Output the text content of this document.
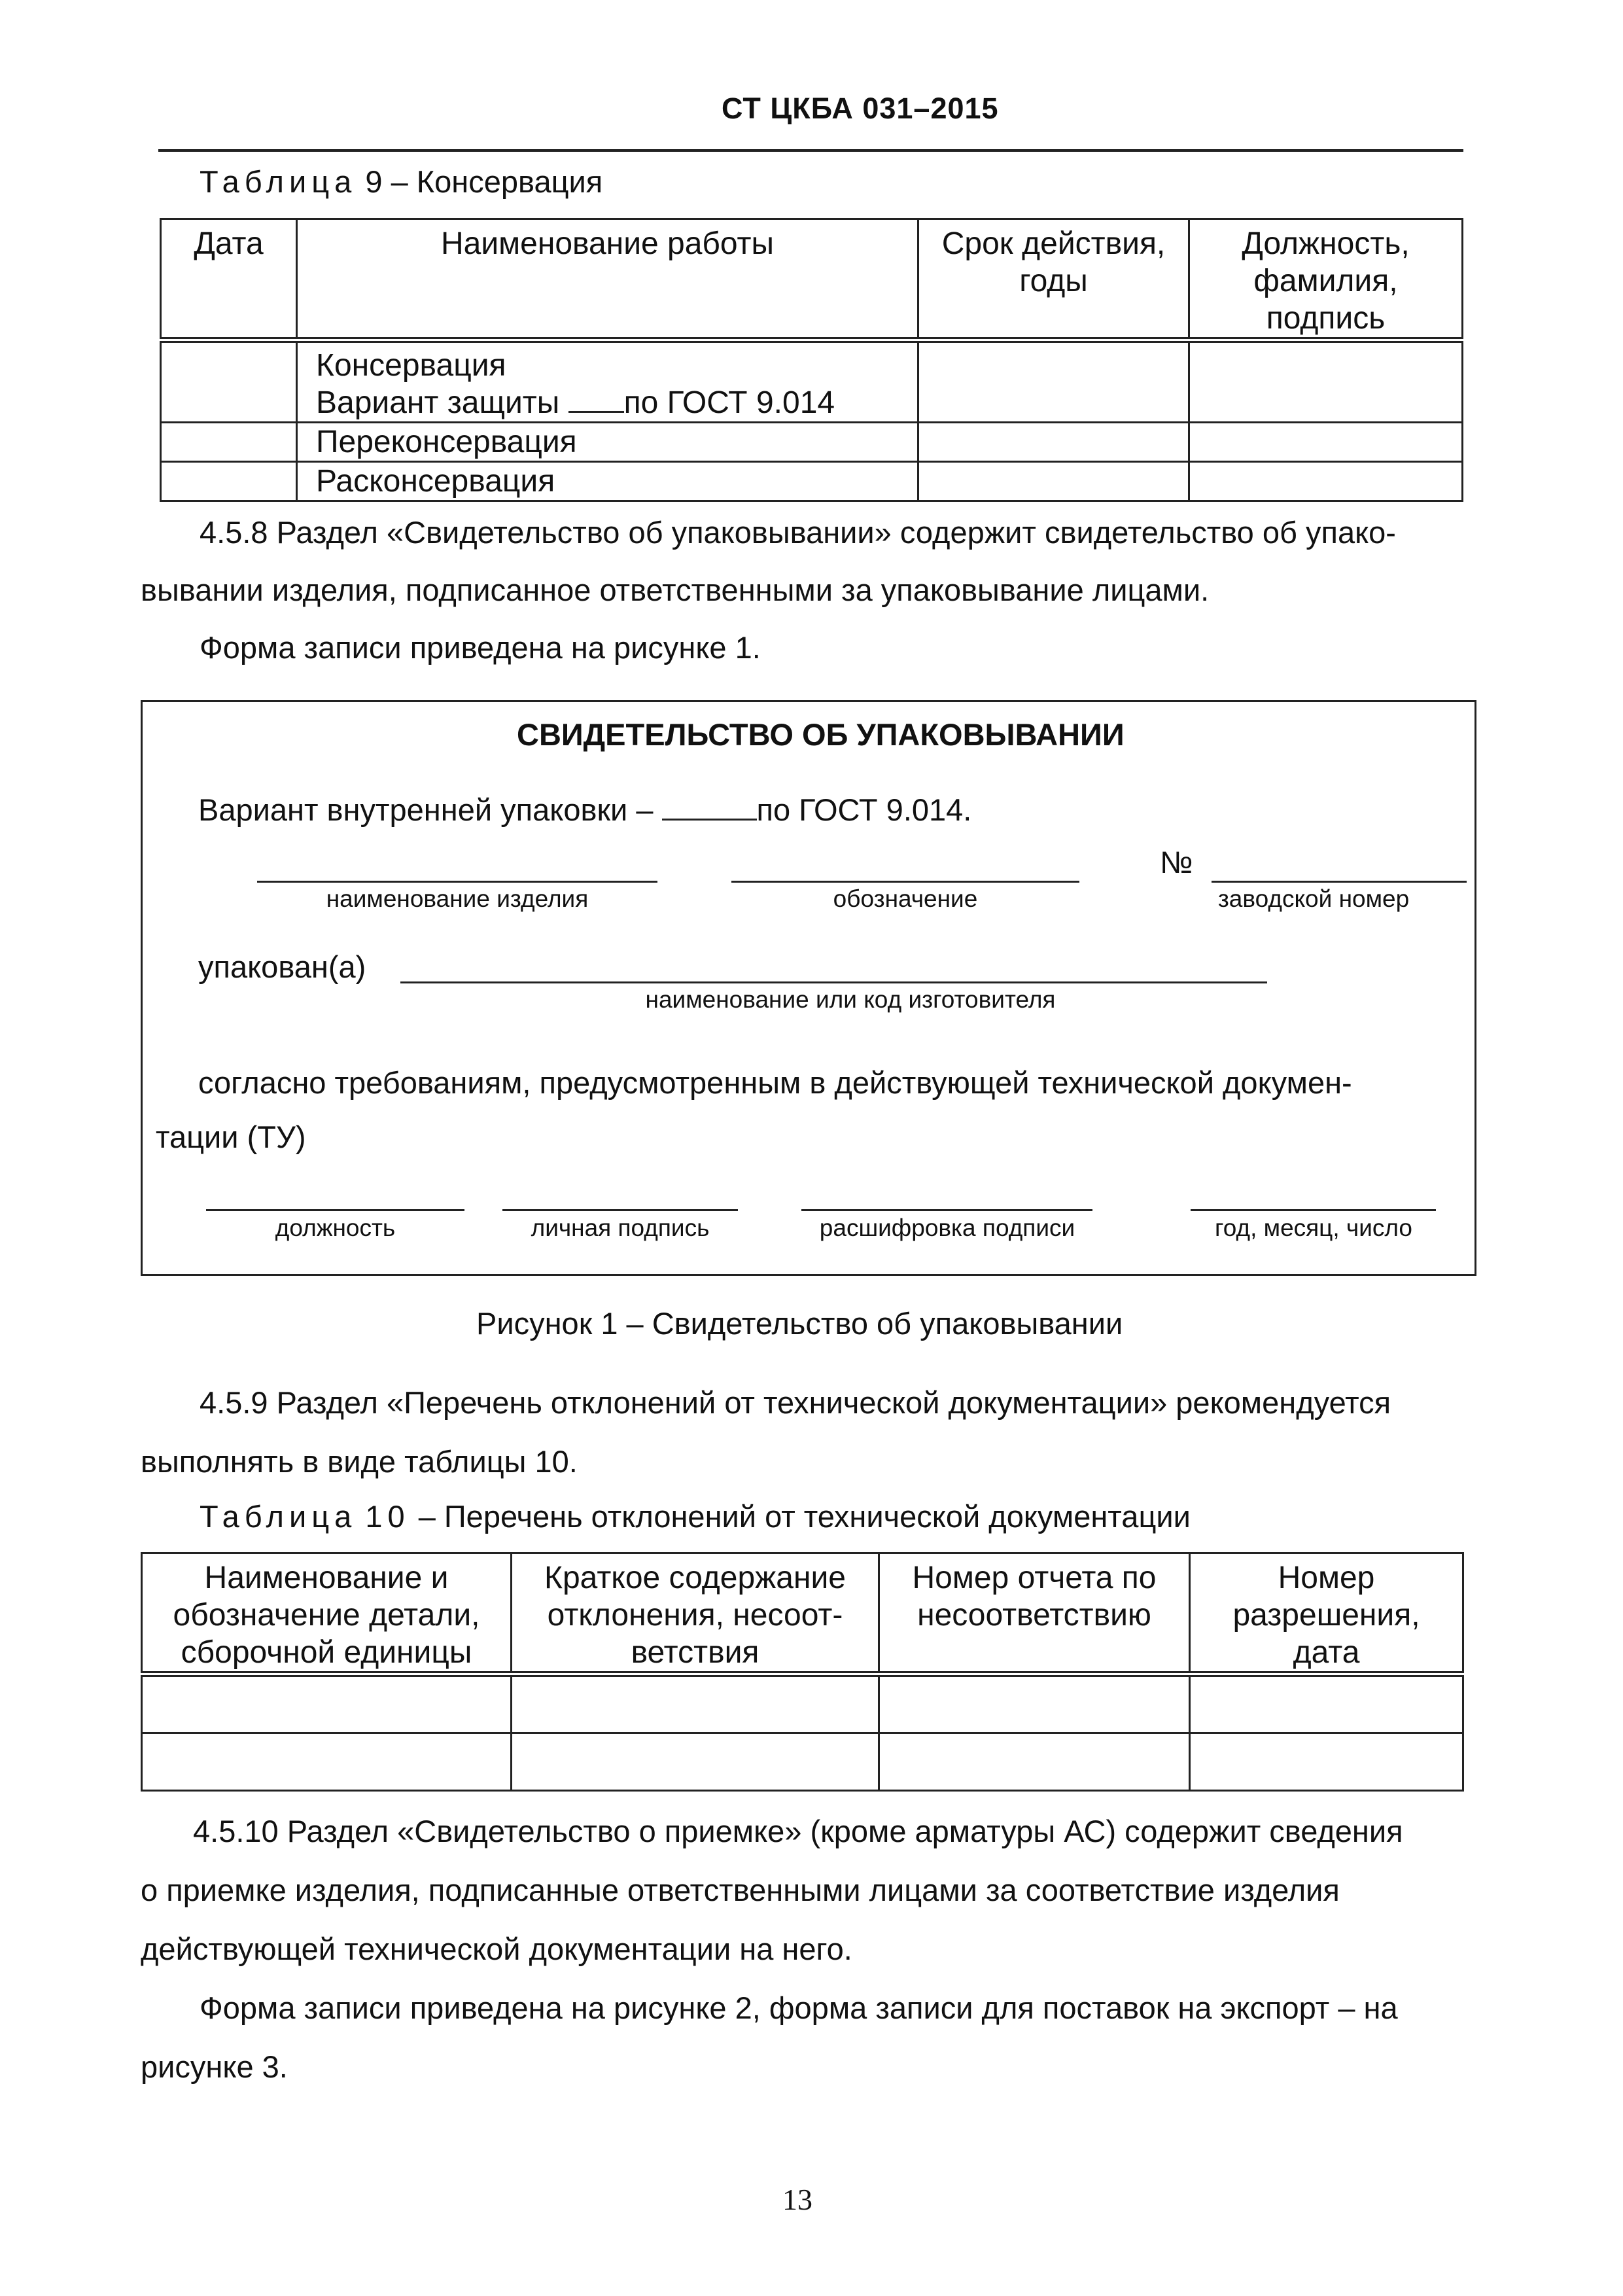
СТ ЦКБА 031–2015
Таблица 9 – Консервация
Дата	Наименование работы	Срок действия, годы	Должность, фамилия, подпись

	Консервация
Вариант защиты по ГОСТ 9.014		

	Переконсервация		
	Расконсервация		
4.5.8 Раздел «Свидетельство об упаковывании» содержит свидетельство об упако-
вывании изделия, подписанное ответственными за упаковывание лицами.
Форма записи приведена на рисунке 1.
СВИДЕТЕЛЬСТВО ОБ УПАКОВЫВАНИИ
Вариант внутренней упаковки –	по ГОСТ 9.014.
наименование изделия	обозначение
№
заводской номер
упакован(а)
наименование или код изготовителя
согласно требованиям, предусмотренным в действующей технической докумен-
тации (ТУ)
должность	личная подпись	расшифровка подписи	год, месяц, число
Рисунок 1 – Свидетельство об упаковывании
4.5.9 Раздел «Перечень отклонений от технической документации» рекомендуется
выполнять в виде таблицы 10.
Таблица 10 – Перечень отклонений от технической документации
Наименование и обозначение детали, сборочной единицы	Краткое содержание отклонения, несоот-ветствия	Номер отчета по несоответствию	Номер разрешения, дата

4.5.10 Раздел «Свидетельство о приемке» (кроме арматуры АС) содержит сведения
о приемке изделия, подписанные ответственными лицами за соответствие изделия
действующей технической документации на него.
Форма записи приведена на рисунке 2, форма записи для поставок на экспорт – на
рисунке 3.
13
